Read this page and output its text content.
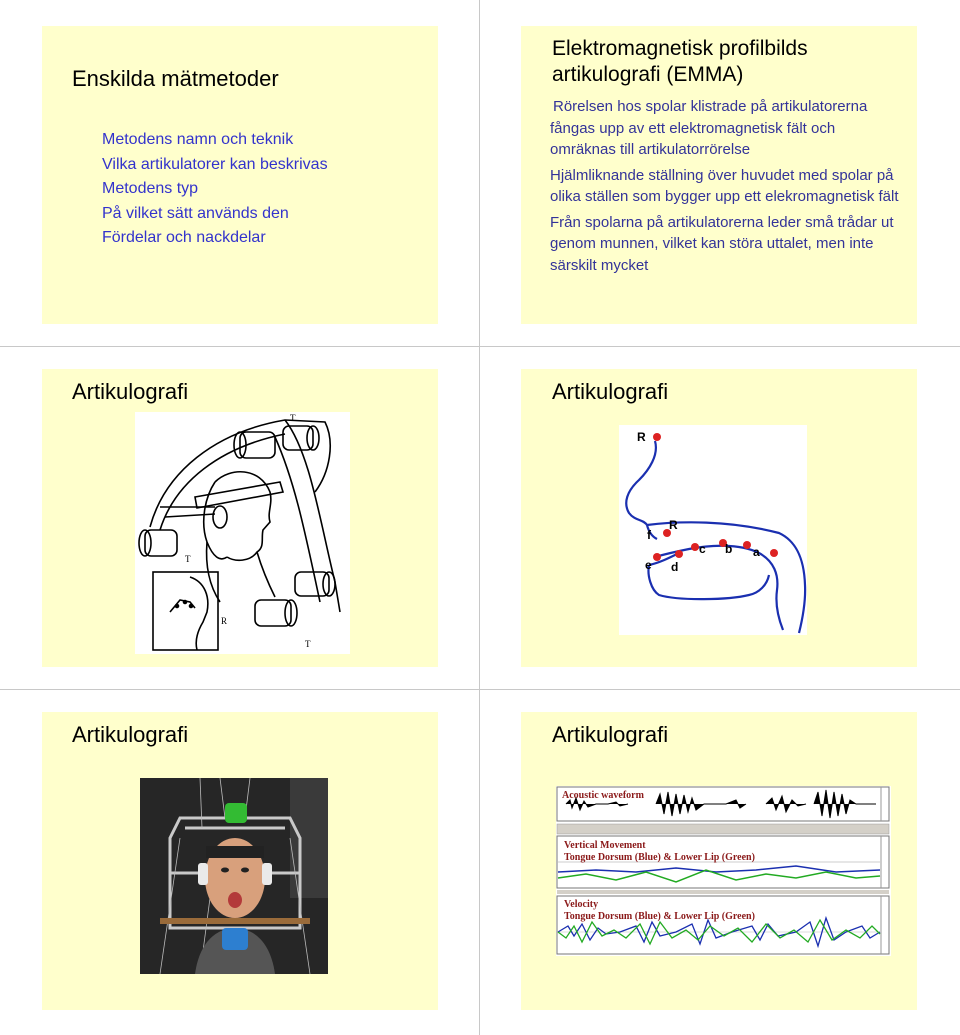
Enskilda mätmetoder
Metodens namn och teknik
Vilka artikulatorer kan beskrivas
Metodens typ
På vilket sätt används den
Fördelar och nackdelar
Elektromagnetisk profilbilds
artikulografi (EMMA)

Rörelsen hos spolar klistrade på artikulatorerna fångas upp av ett elektromagnetisk fält och omräknas till artikulatorrörelse

Hjälmliknande ställning över huvudet med spolar på olika ställen som bygger upp ett elekromagnetisk fält

Från spolarna på artikulatorerna leder små trådar ut genom munnen, vilket kan störa uttalet, men inte särskilt mycket

Artikulografi
T
T
T
R
Artikulografi
R
R
f
e d
c b a
Artikulografi	Artikulografi
Acoustic waveform
Vertical Movement
Tongue Dorsum (Blue) & Lower Lip (Green)
Velocity
Tongue Dorsum (Blue) & Lower Lip (Green)
